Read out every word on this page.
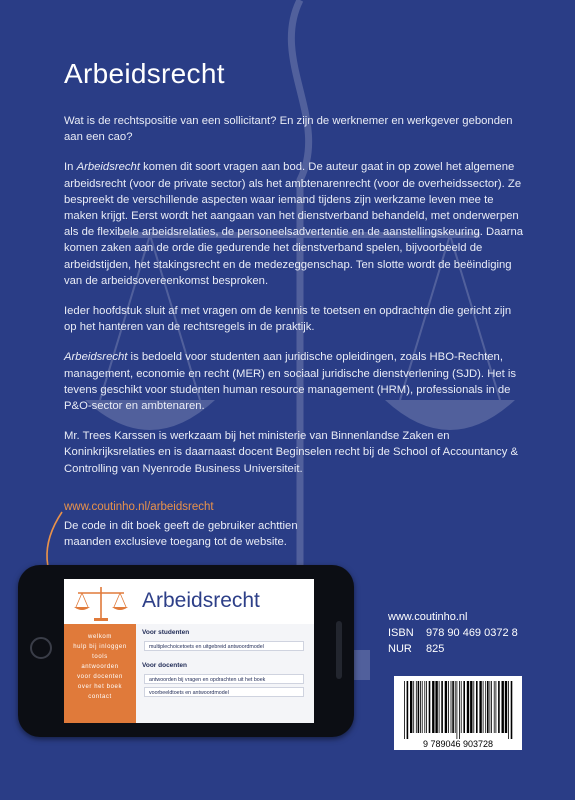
Arbeidsrecht

Wat is de rechtspositie van een sollicitant? En zijn de werknemer en werkgever gebonden aan een cao?

In Arbeidsrecht komen dit soort vragen aan bod. De auteur gaat in op zowel het algemene arbeidsrecht (voor de private sector) als het ambtenarenrecht (voor de overheidssector). Ze bespreekt de verschillende aspecten waar iemand tijdens zijn werkzame leven mee te maken krijgt. Eerst wordt het aangaan van het dienstverband behandeld, met onderwerpen als de flexibele arbeidsrelaties, de personeelsadvertentie en de aanstellingskeuring. Daarna komen zaken aan de orde die gedurende het dienstverband spelen, bijvoorbeeld de arbeidstijden, het stakingsrecht en de medezeggenschap. Ten slotte wordt de beëindiging van de arbeidsovereenkomst besproken.

Ieder hoofdstuk sluit af met vragen om de kennis te toetsen en opdrachten die gericht zijn op het hanteren van de rechtsregels in de praktijk.

Arbeidsrecht is bedoeld voor studenten aan juridische opleidingen, zoals HBO-Rechten, management, economie en recht (MER) en sociaal juridische dienstverlening (SJD). Het is tevens geschikt voor studenten human resource management (HRM), professionals in de P&O-sector en ambtenaren.

Mr. Trees Karssen is werkzaam bij het ministerie van Binnenlandse Zaken en Koninkrijksrelaties en is daarnaast docent Beginselen recht bij de School of Accountancy & Controlling van Nyenrode Business Universiteit.

www.coutinho.nl/arbeidsrecht
De code in dit boek geeft de gebruiker achttien maanden exclusieve toegang tot de website.
Arbeidsrecht
welkom
hulp bij inloggen
tools
antwoorden
voor docenten
over het boek
contact
Voor studenten
multiplechoicetoets en uitgebreid antwoordmodel
Voor docenten
antwoorden bij vragen en opdrachten uit het boek
voorbeeldtoets en antwoordmodel
www.coutinho.nl
ISBN	978 90 469 0372 8
NUR	825
9 789046 903728
